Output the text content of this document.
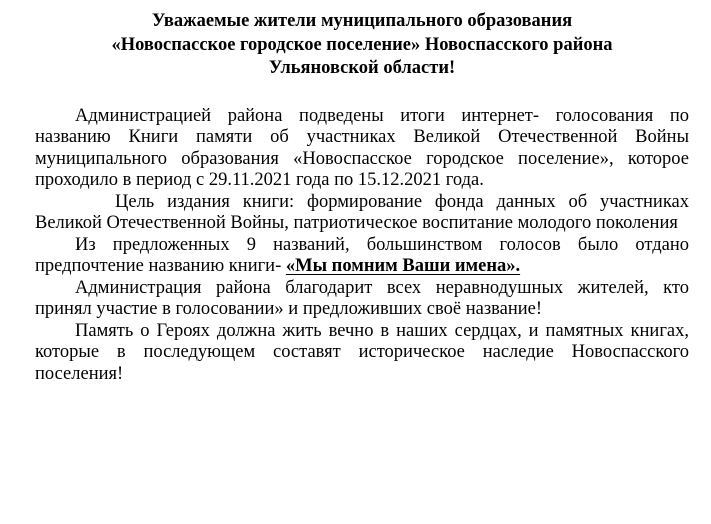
Уважаемые жители муниципального образования
«Новоспасское городское поселение» Новоспасского района
Ульяновской области!

Администрацией района подведены итоги интернет- голосования по названию Книги памяти об участниках Великой Отечественной Войны муниципального образования «Новоспасское городское поселение», которое проходило в период с 29.11.2021 года по 15.12.2021 года.

Цель издания книги: формирование фонда данных об участниках Великой Отечественной Войны, патриотическое воспитание молодого поколения

Из предложенных 9 названий, большинством голосов было отдано предпочтение названию книги- «Мы помним Ваши имена».

Администрация района благодарит всех неравнодушных жителей, кто принял участие в голосовании» и предложивших своё название!

Память о Героях должна жить вечно в наших сердцах, и памятных книгах, которые в последующем составят историческое наследие Новоспасского поселения!
